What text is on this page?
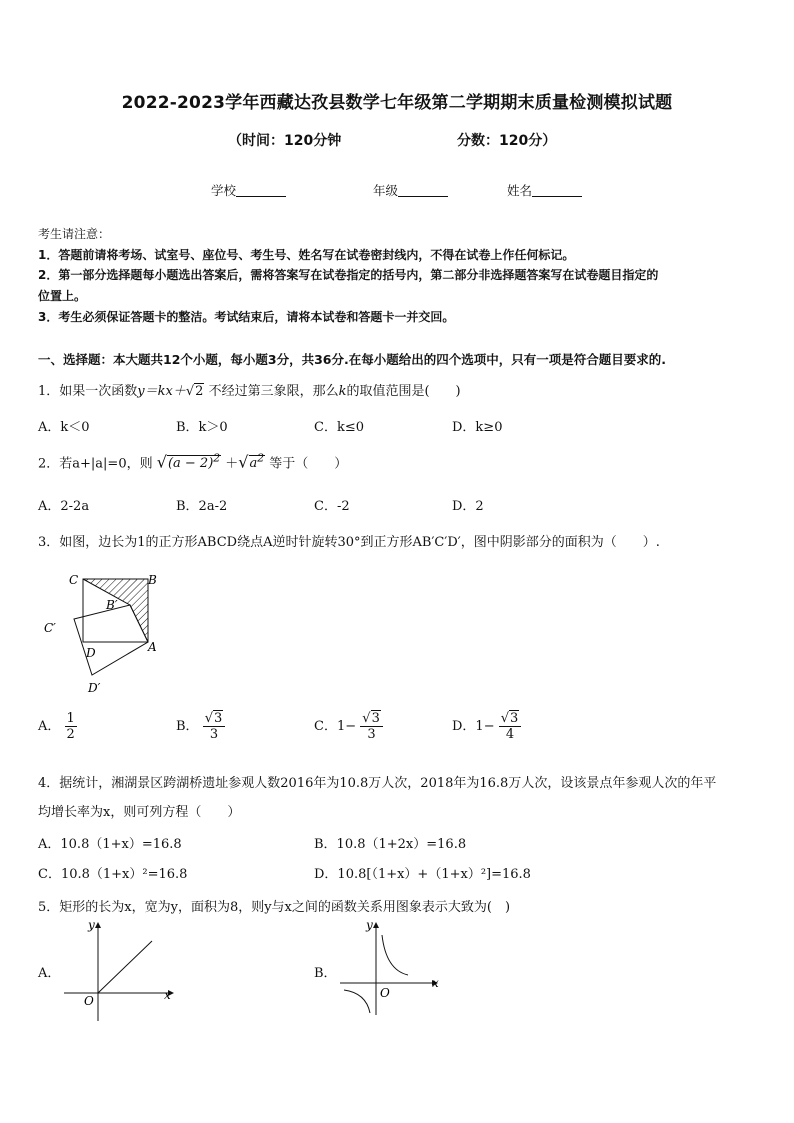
2022-2023学年西藏达孜县数学七年级第二学期期末质量检测模拟试题
（时间：120分钟	分数：120分）
学校	年级	姓名
考生请注意：
1．答题前请将考场、试室号、座位号、考生号、姓名写在试卷密封线内，不得在试卷上作任何标记。
2．第一部分选择题每小题选出答案后，需将答案写在试卷指定的括号内，第二部分非选择题答案写在试卷题目指定的
位置上。
3．考生必须保证答题卡的整洁。考试结束后，请将本试卷和答题卡一并交回。
一、选择题：本大题共12个小题，每小题3分，共36分.在每小题给出的四个选项中，只有一项是符合题目要求的.
1．如果一次函数y＝kx＋√2 不经过第三象限，那么k的取值范围是(　　)
A．k＜0	B．k＞0	C．k≤0	D．k≥0
2．若a+|a|=0，则 $√(a - 2)^2 +√a^2$ 等于（　　）
A．2-2a	B．2a-2	C．-2	D．2
3．如图，边长为1的正方形ABCD绕点A逆时针旋转30°到正方形AB′C′D′，图中阴影部分的面积为（　　）.
C	B
B′
C′
D	A
D′
A． $\frac{1}{2}$	B． $\frac{√3}{3}$	C．$1- \frac{√3}{3}$	D．$1- \frac{√3}{4}$
4．据统计，湘湖景区跨湖桥遗址参观人数2016年为10.8万人次，2018年为16.8万人次，设该景点年参观人次的年平
均增长率为x，则可列方程（　　）
A．10.8（1+x）=16.8	B．10.8（1+2x）=16.8
C．10.8（1+x）²=16.8	D．10.8[（1+x）+（1+x）²]=16.8
5．矩形的长为x，宽为y，面积为8，则y与x之间的函数关系用图象表示大致为(　)
A．
x
y
O
B．
x
y
O
